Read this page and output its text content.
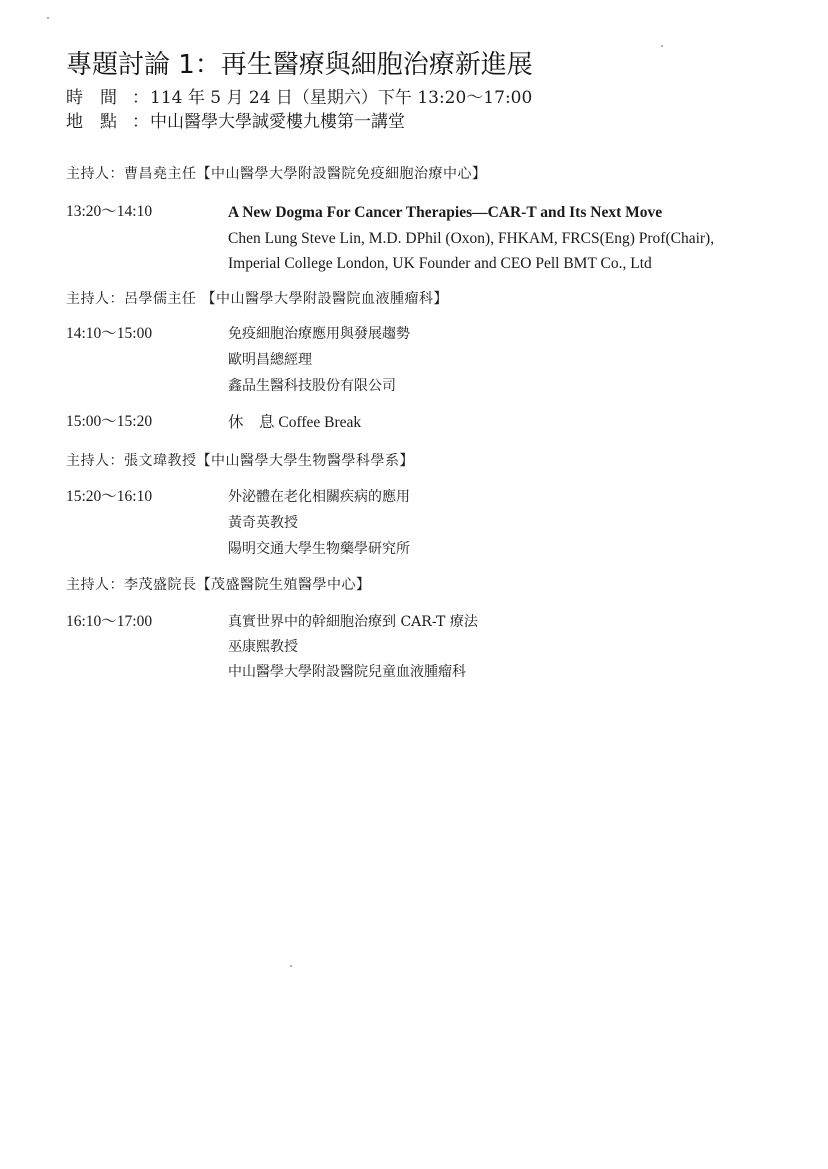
專題討論 1：再生醫療與細胞治療新進展
時　間 ：114 年 5 月 24 日（星期六）下午 13:20～17:00
地　點 ：中山醫學大學誠愛樓九樓第一講堂
主持人：曹昌堯主任【中山醫學大學附設醫院免疫細胞治療中心】
13:20～14:10	A New Dogma For Cancer Therapies—CAR-T and Its Next Move
Chen Lung Steve Lin, M.D. DPhil (Oxon), FHKAM, FRCS(Eng) Prof(Chair),
Imperial College London, UK Founder and CEO Pell BMT Co., Ltd
主持人：呂學儒主任 【中山醫學大學附設醫院血液腫瘤科】
14:10～15:00	免疫細胞治療應用與發展趨勢
歐明昌總經理
鑫品生醫科技股份有限公司
15:00～15:20	休　息 Coffee Break
主持人：張文瑋教授【中山醫學大學生物醫學科學系】
15:20～16:10	外泌體在老化相關疾病的應用
黃奇英教授
陽明交通大學生物藥學研究所
主持人：李茂盛院長【茂盛醫院生殖醫學中心】
16:10～17:00	真實世界中的幹細胞治療到 CAR-T 療法
巫康熙教授
中山醫學大學附設醫院兒童血液腫瘤科
